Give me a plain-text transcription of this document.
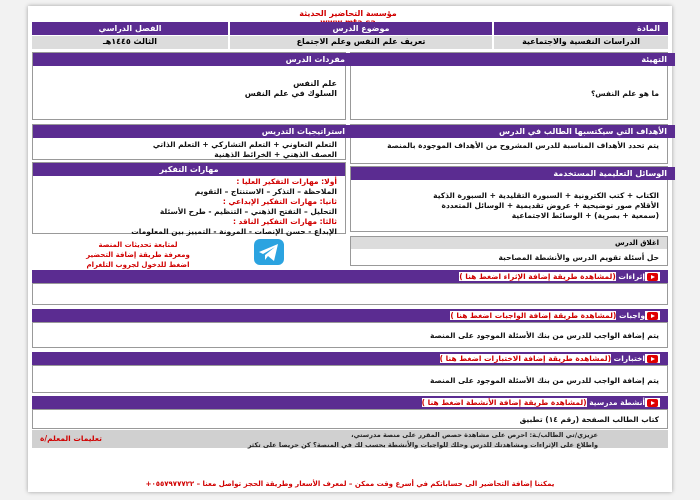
مؤسسة التحاضير الحديثة
المادة
موضوع الدرس
الفصل الدراسي
الدراسات النفسية والاجتماعية
تعريف علم النفس وعلم الاجتماع
الثالث ١٤٤٥هـ
التهيئة
ما هو علم النفس؟
مفردات الدرس
علم النفس
السلوك في علم النفس
الأهداف التي سيكتسبها الطالب في الدرس
يتم تحدد الأهداف المناسبة للدرس المشروح من الأهداف الموجودة بالمنصة
استراتيجيات التدريس
التعلم التعاوني + التعلم التشاركي + التعلم الذاتي
العصف الذهني + الخرائط الذهنية
مهارات التفكير
أولا: مهارات التفكير العليا :
الملاحظة – التذكر – الاستنتاج – التقويم
ثانيا: مهارات التفكير الإبداعي :
التحليل – التفتح الذهني – التنظيم - طرح الأسئلة
ثالثا: مهارات التفكير الناقد :
الإبداع - حسن الإنصات - المرونة - التمييز بين المعلومات
الوسائل التعليمية المستخدمة
الكتاب + كتب الكترونية + السبورة التقليدية + السبورة الذكية
الأقلام صور توضيحية + عروض تقديمية + الوسائل المتعددة
(سمعية + بصرية) + الوسائط الاجتماعية
اغلاق الدرس
حل أسئلة تقويم الدرس والأنشطة المصاحبة
لمتابعة تحديثات المنصة
ومعرفة طريقة إضافة التحضير
اضغط للدخول لجروب التلغرام
إثراءات (لمشاهدة طريقة إضافة الإثراء اضغط هنا )
واجبات (لمشاهدة طريقة إضافة الواجبات اضغط هنا )
يتم إضافة الواجب للدرس من بنك الأسئلة الموجود على المنصة
اختبارات (لمشاهدة طريقة إضافة الاختبارات اضغط هنا )
يتم إضافة الواجب للدرس من بنك الأسئلة الموجود على المنصة
أنشطة مدرسية (لمشاهدة طريقة إضافة الأنشطة اضغط هنا )
كتاب الطالب الصفحة (رقم ١٤) تطبيق
عزيزي/تي الطالب/ـة: احرص على مشاهدة حصص المقرر على منصة مدرستي،
واطلاع على الإثراءات ومشاهدتك للدرس وحلك للواجبات والأنشطة بحسب لك في المنصة؟ كن حريصا على تكثر
تعليمات المعلم/ة
يمكننا إضافة التحاضير الى حساباتكم في أسرع وقت ممكن – لمعرف الأسعار وطريقة الحجز تواصل معنا – ٠٥٥٧٩٧٧٧٢٢+
